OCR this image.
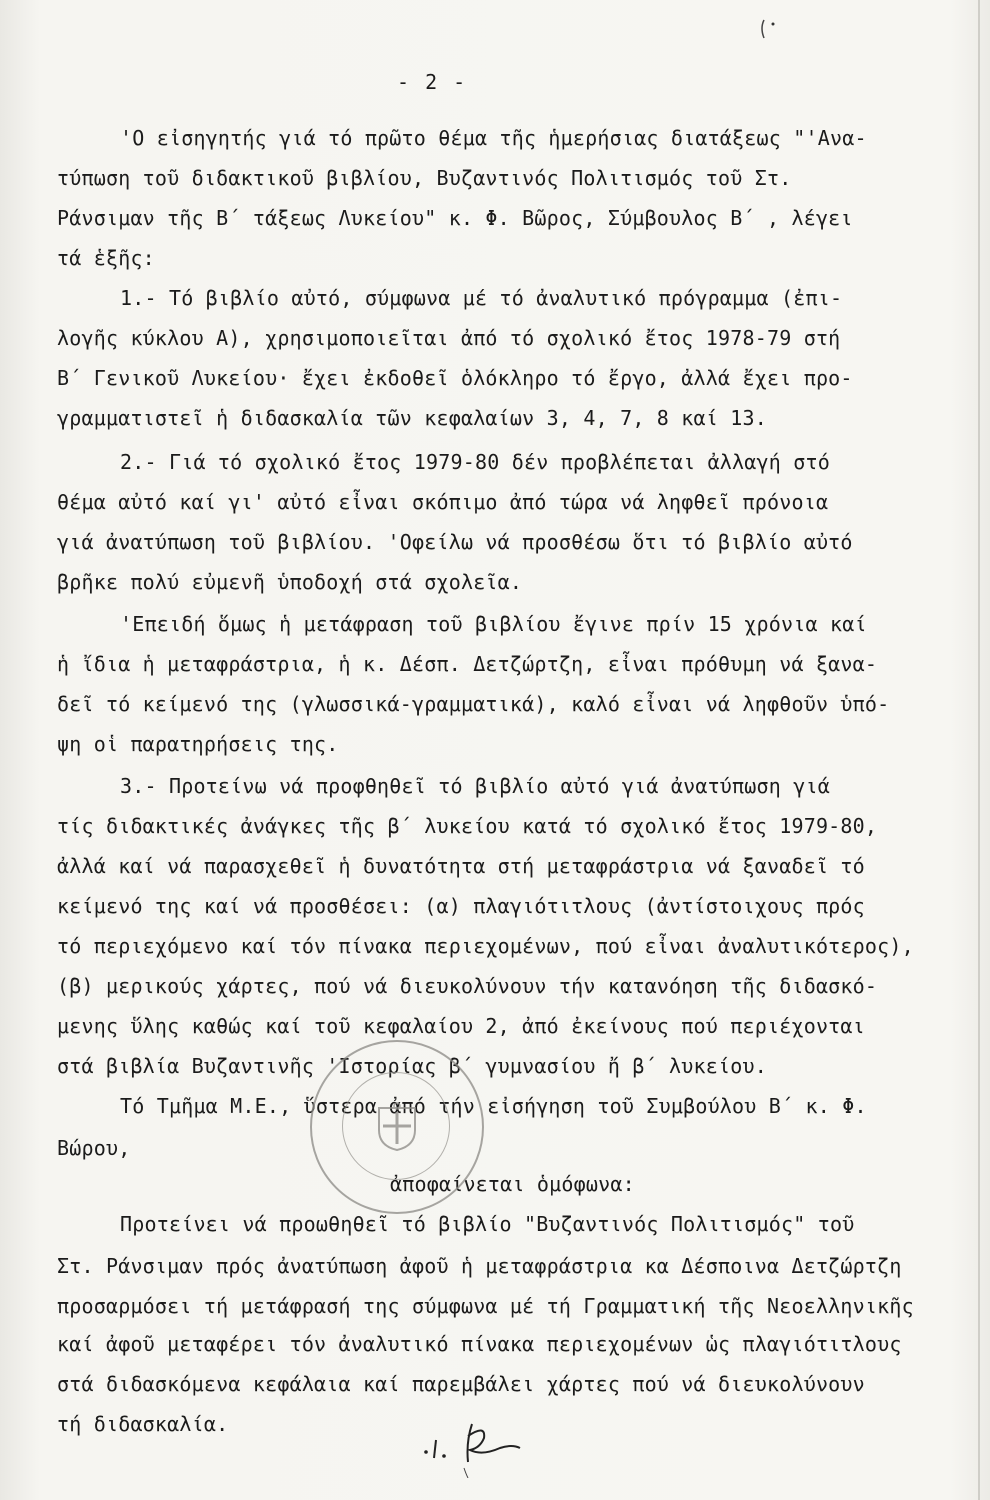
- 2 -
'Ο εἰσηγητής γιά τό πρῶτο θέμα τῆς ἡμερήσιας διατάξεως "'Ανα-
τύπωση τοῦ διδακτικοῦ βιβλίου, Βυζαντινός Πολιτισμός τοῦ Στ.
Ράνσιμαν τῆς Β΄ τάξεως Λυκείου" κ. Φ. Βῶρος, Σύμβουλος Β΄ , λέγει
τά ἑξῆς:
1.- Τό βιβλίο αὐτό, σύμφωνα μέ τό ἀναλυτικό πρόγραμμα (ἐπι-
λογῆς κύκλου Α), χρησιμοποιεῖται ἀπό τό σχολικό ἔτος 1978-79 στή
Β΄ Γενικοῦ Λυκείου· ἔχει ἐκδοθεῖ ὁλόκληρο τό ἔργο, ἀλλά ἔχει προ-
γραμματιστεῖ ἡ διδασκαλία τῶν κεφαλαίων 3, 4, 7, 8 καί 13.
2.- Γιά τό σχολικό ἔτος 1979-80 δέν προβλέπεται ἀλλαγή στό
θέμα αὐτό καί γι' αὐτό εἶναι σκόπιμο ἀπό τώρα νά ληφθεῖ πρόνοια
γιά ἀνατύπωση τοῦ βιβλίου. 'Οφείλω νά προσθέσω ὅτι τό βιβλίο αὐτό
βρῆκε πολύ εὐμενῆ ὑποδοχή στά σχολεῖα.
'Επειδή ὅμως ἡ μετάφραση τοῦ βιβλίου ἔγινε πρίν 15 χρόνια καί
ἡ ἴδια ἡ μεταφράστρια, ἡ κ. Δέσπ. Δετζώρτζη, εἶναι πρόθυμη νά ξανα-
δεῖ τό κείμενό της (γλωσσικά-γραμματικά), καλό εἶναι νά ληφθοῦν ὑπό-
ψη οἱ παρατηρήσεις της.
3.- Προτείνω νά προφθηθεῖ τό βιβλίο αὐτό γιά ἀνατύπωση γιά
τίς διδακτικές ἀνάγκες τῆς β΄ λυκείου κατά τό σχολικό ἔτος 1979-80,
ἀλλά καί νά παρασχεθεῖ ἡ δυνατότητα στή μεταφράστρια νά ξαναδεῖ τό
κείμενό της καί νά προσθέσει: (α) πλαγιότιτλους (ἀντίστοιχους πρός
τό περιεχόμενο καί τόν πίνακα περιεχομένων, πού εἶναι ἀναλυτικότερος),
(β) μερικούς χάρτες, πού νά διευκολύνουν τήν κατανόηση τῆς διδασκό-
μενης ὕλης καθώς καί τοῦ κεφαλαίου 2, ἀπό ἐκείνους πού περιέχονται
στά βιβλία Βυζαντινῆς 'Ιστορίας β΄ γυμνασίου ἤ β΄ λυκείου.
Τό Τμῆμα Μ.Ε., ὕστερα ἀπό τήν εἰσήγηση τοῦ Συμβούλου Β΄ κ. Φ.
Βώρου,
ἀποφαίνεται ὁμόφωνα:
Προτείνει νά προωθηθεῖ τό βιβλίο "Βυζαντινός Πολιτισμός" τοῦ
Στ. Ράνσιμαν πρός ἀνατύπωση ἀφοῦ ἡ μεταφράστρια κα Δέσποινα Δετζώρτζη
προσαρμόσει τή μετάφρασή της σύμφωνα μέ τή Γραμματική τῆς Νεοελληνικῆς
καί ἀφοῦ μεταφέρει τόν ἀναλυτικό πίνακα περιεχομένων ὡς πλαγιότιτλους
στά διδασκόμενα κεφάλαια καί παρεμβάλει χάρτες πού νά διευκολύνουν
τή διδασκαλία.
